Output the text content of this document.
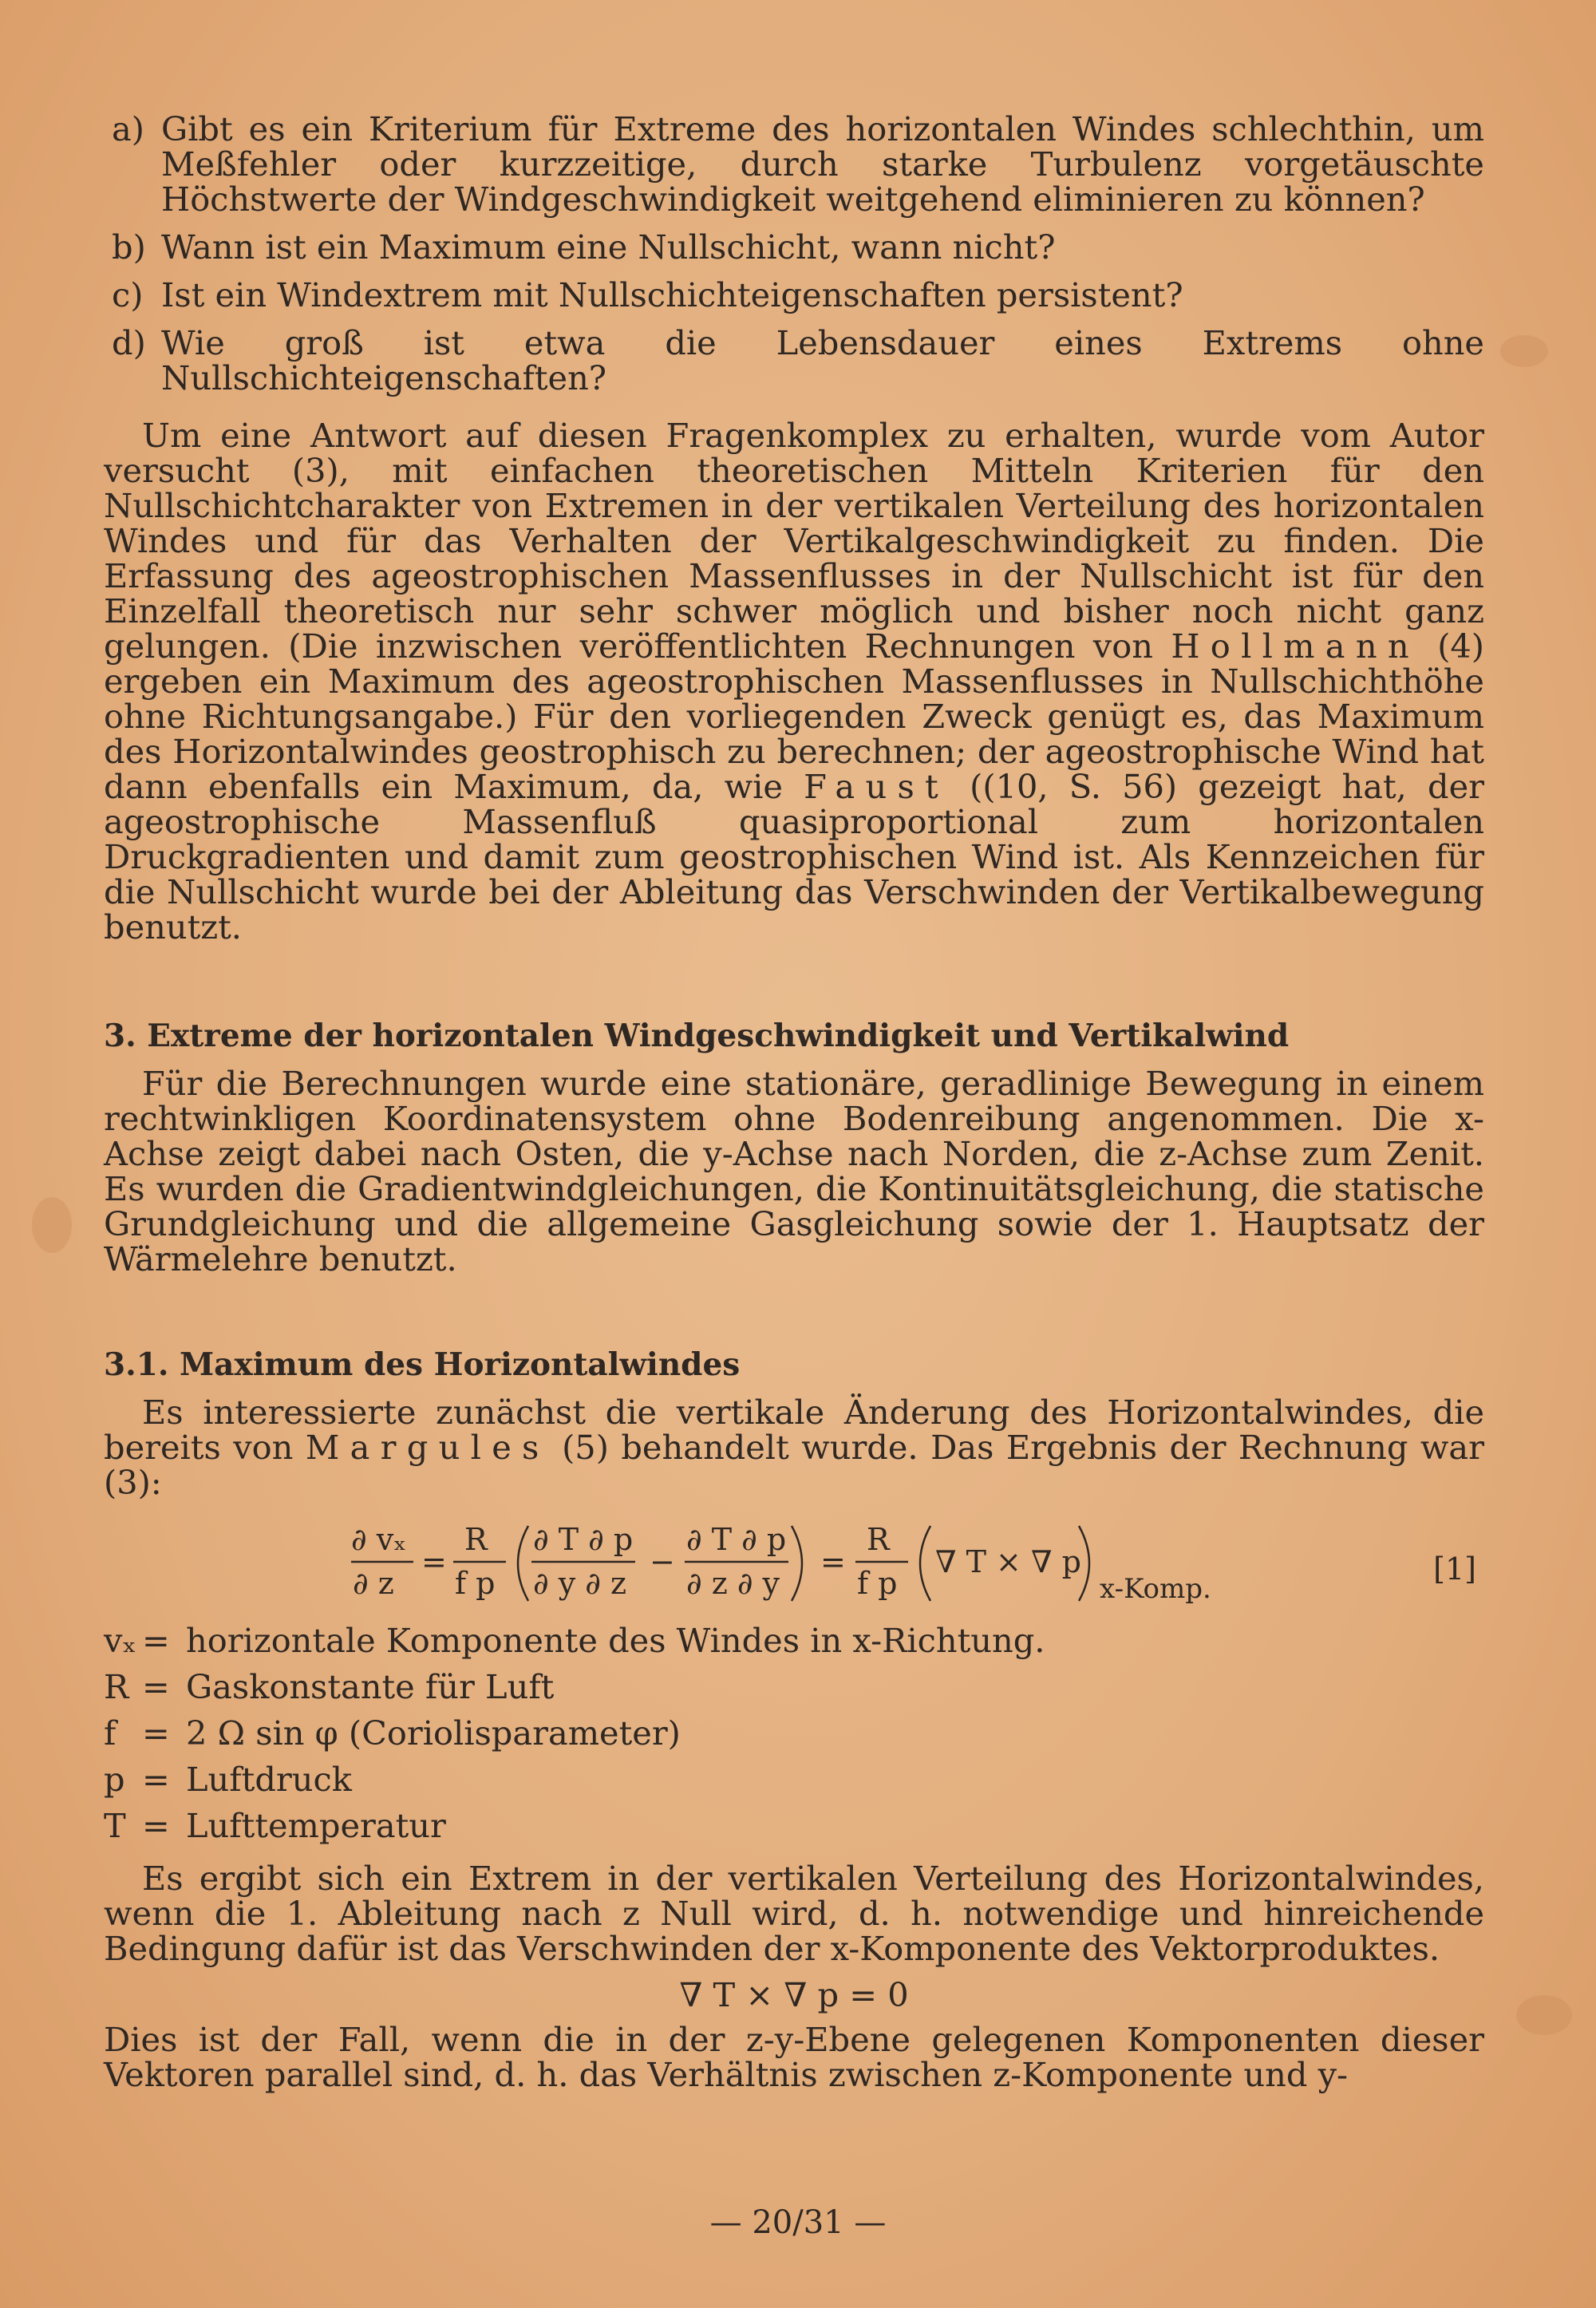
a) Gibt es ein Kriterium für Extreme des horizontalen Windes schlechthin, um Meßfehler oder kurzzeitige, durch starke Turbulenz vorgetäuschte Höchstwerte der Windgeschwindigkeit weitgehend eliminieren zu können?
b) Wann ist ein Maximum eine Nullschicht, wann nicht?
c) Ist ein Windextrem mit Nullschichteigenschaften persistent?
d) Wie groß ist etwa die Lebensdauer eines Extrems ohne Nullschichteigenschaften?

Um eine Antwort auf diesen Fragenkomplex zu erhalten, wurde vom Autor versucht (3), mit einfachen theoretischen Mitteln Kriterien für den Nullschichtcharakter von Extremen in der vertikalen Verteilung des horizontalen Windes und für das Verhalten der Vertikalgeschwindigkeit zu finden. Die Erfassung des ageostrophischen Massenflusses in der Nullschicht ist für den Einzelfall theoretisch nur sehr schwer möglich und bisher noch nicht ganz gelungen. (Die inzwischen veröffentlichten Rechnungen von Hollmann (4) ergeben ein Maximum des ageostrophischen Massenflusses in Nullschichthöhe ohne Richtungsangabe.) Für den vorliegenden Zweck genügt es, das Maximum des Horizontalwindes geostrophisch zu berechnen; der ageostrophische Wind hat dann ebenfalls ein Maximum, da, wie Faust ((10, S. 56) gezeigt hat, der ageostrophische Massenfluß quasiproportional zum horizontalen Druckgradienten und damit zum geostrophischen Wind ist. Als Kennzeichen für die Nullschicht wurde bei der Ableitung das Verschwinden der Vertikalbewegung benutzt.

3. Extreme der horizontalen Windgeschwindigkeit und Vertikalwind

Für die Berechnungen wurde eine stationäre, geradlinige Bewegung in einem rechtwinkligen Koordinatensystem ohne Bodenreibung angenommen. Die x-Achse zeigt dabei nach Osten, die y-Achse nach Norden, die z-Achse zum Zenit. Es wurden die Gradientwindgleichungen, die Kontinuitätsgleichung, die statische Grundgleichung und die allgemeine Gasgleichung sowie der 1. Hauptsatz der Wärmelehre benutzt.

3.1. Maximum des Horizontalwindes

Es interessierte zunächst die vertikale Änderung des Horizontalwindes, die bereits von Margules (5) behandelt wurde. Das Ergebnis der Rechnung war (3):

∂ vₓ
∂ z
=
R
f p
∂ T ∂ p
∂ y ∂ z
−
∂ T ∂ p
∂ z ∂ y
=
R
f p
∇ T × ∇ p
x-Komp.
[1]
vₓ = horizontale Komponente des Windes in x-Richtung.
R = Gaskonstante für Luft
f = 2 Ω sin φ (Coriolisparameter)
p = Luftdruck
T = Lufttemperatur

Es ergibt sich ein Extrem in der vertikalen Verteilung des Horizontalwindes, wenn die 1. Ableitung nach z Null wird, d. h. notwendige und hinreichende Bedingung dafür ist das Verschwinden der x-Komponente des Vektorproduktes.

∇ T × ∇ p = 0

Dies ist der Fall, wenn die in der z-y-Ebene gelegenen Komponenten dieser Vektoren parallel sind, d. h. das Verhältnis zwischen z-Komponente und y-

— 20/31 —
